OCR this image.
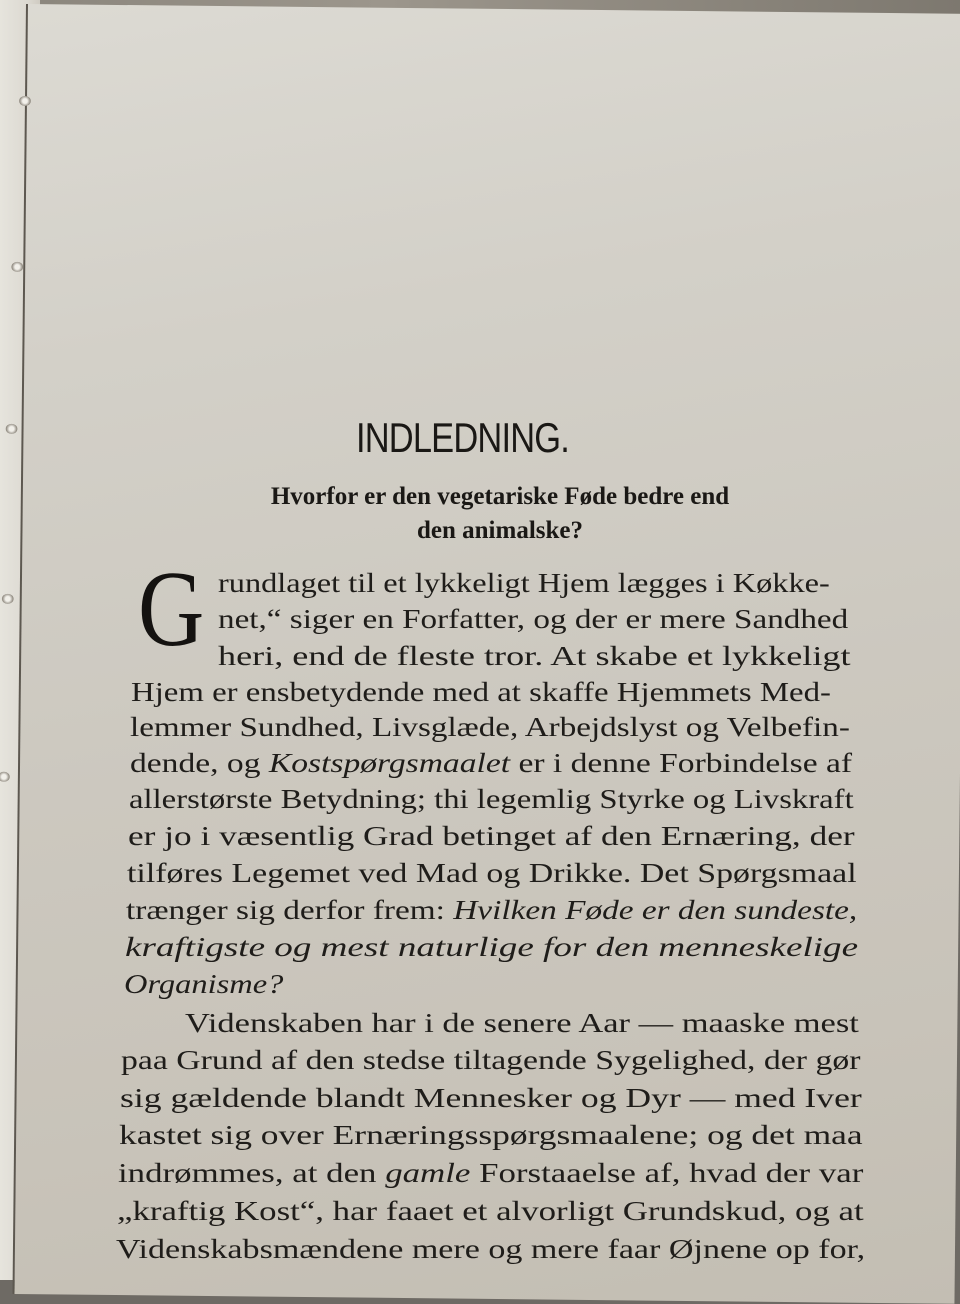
INDLEDNING.
Hvorfor er den vegetariske Føde bedre end
den animalske?
G rundlaget til et lykkeligt Hjem lægges i Køkke-
net,“ siger en Forfatter, og der er mere Sandhed
heri, end de fleste tror. At skabe et lykkeligt
Hjem er ensbetydende med at skaffe Hjemmets Med-
lemmer Sundhed, Livsglæde, Arbejdslyst og Velbefin-
dende, og Kostspørgsmaalet er i denne Forbindelse af
allerstørste Betydning; thi legemlig Styrke og Livskraft
er jo i væsentlig Grad betinget af den Ernæring, der
tilføres Legemet ved Mad og Drikke. Det Spørgsmaal
trænger sig derfor frem: Hvilken Føde er den sundeste,
kraftigste og mest naturlige for den menneskelige
Organisme?
Videnskaben har i de senere Aar — maaske mest
paa Grund af den stedse tiltagende Sygelighed, der gør
sig gældende blandt Mennesker og Dyr — med Iver
kastet sig over Ernæringsspørgsmaalene; og det maa
indrømmes, at den gamle Forstaaelse af, hvad der var
„kraftig Kost“, har faaet et alvorligt Grundskud, og at
Videnskabsmændene mere og mere faar Øjnene op for,
